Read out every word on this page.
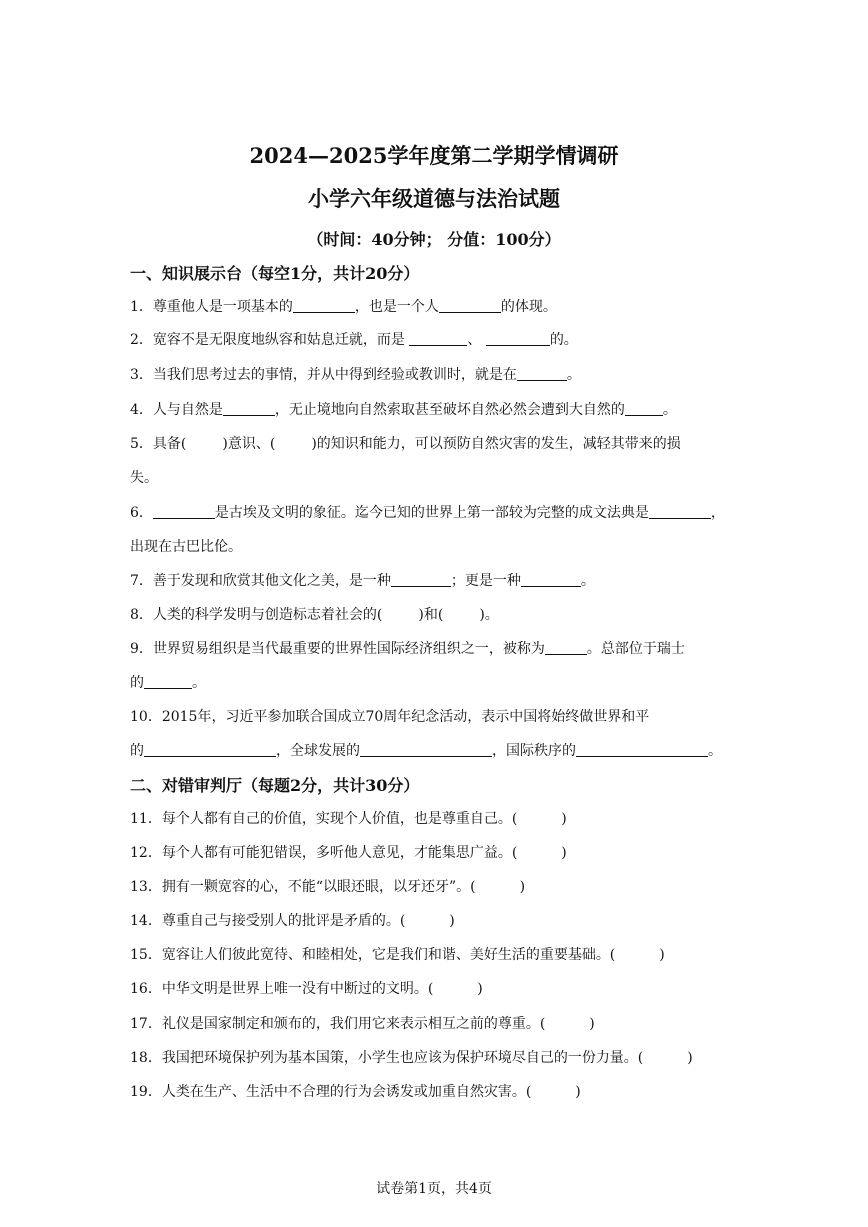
2024—2025学年度第二学期学情调研
小学六年级道德与法治试题
（时间：40分钟； 分值：100分）
一、知识展示台（每空1分，共计20分）
1．尊重他人是一项基本的	，也是一个人	的体现。
2．宽容不是无限度地纵容和姑息迁就，而是	、	的。
3．当我们思考过去的事情，并从中得到经验或教训时，就是在	。
4．人与自然是	，无止境地向自然索取甚至破坏自然必然会遭到大自然的	。
5．具备(	)意识、(	)的知识和能力，可以预防自然灾害的发生，减轻其带来的损
失。
6．	是古埃及文明的象征。迄今已知的世界上第一部较为完整的成文法典是	，
出现在古巴比伦。
7．善于发现和欣赏其他文化之美，是一种	；更是一种	。
8．人类的科学发明与创造标志着社会的(	)和(	)。
9．世界贸易组织是当代最重要的世界性国际经济组织之一，被称为	。总部位于瑞士
的	。
10．2015年，习近平参加联合国成立70周年纪念活动，表示中国将始终做世界和平
的	，全球发展的	，国际秩序的	。
二、对错审判厅（每题2分，共计30分）
11．每个人都有自己的价值，实现个人价值，也是尊重自己。(	)
12．每个人都有可能犯错误，多听他人意见，才能集思广益。(	)
13．拥有一颗宽容的心，不能“以眼还眼，以牙还牙”。(	)
14．尊重自己与接受别人的批评是矛盾的。(	)
15．宽容让人们彼此宽待、和睦相处，它是我们和谐、美好生活的重要基础。(	)
16．中华文明是世界上唯一没有中断过的文明。(	)
17．礼仪是国家制定和颁布的，我们用它来表示相互之前的尊重。(	)
18．我国把环境保护列为基本国策，小学生也应该为保护环境尽自己的一份力量。(	)
19．人类在生产、生活中不合理的行为会诱发或加重自然灾害。(	)
试卷第1页，共4页
